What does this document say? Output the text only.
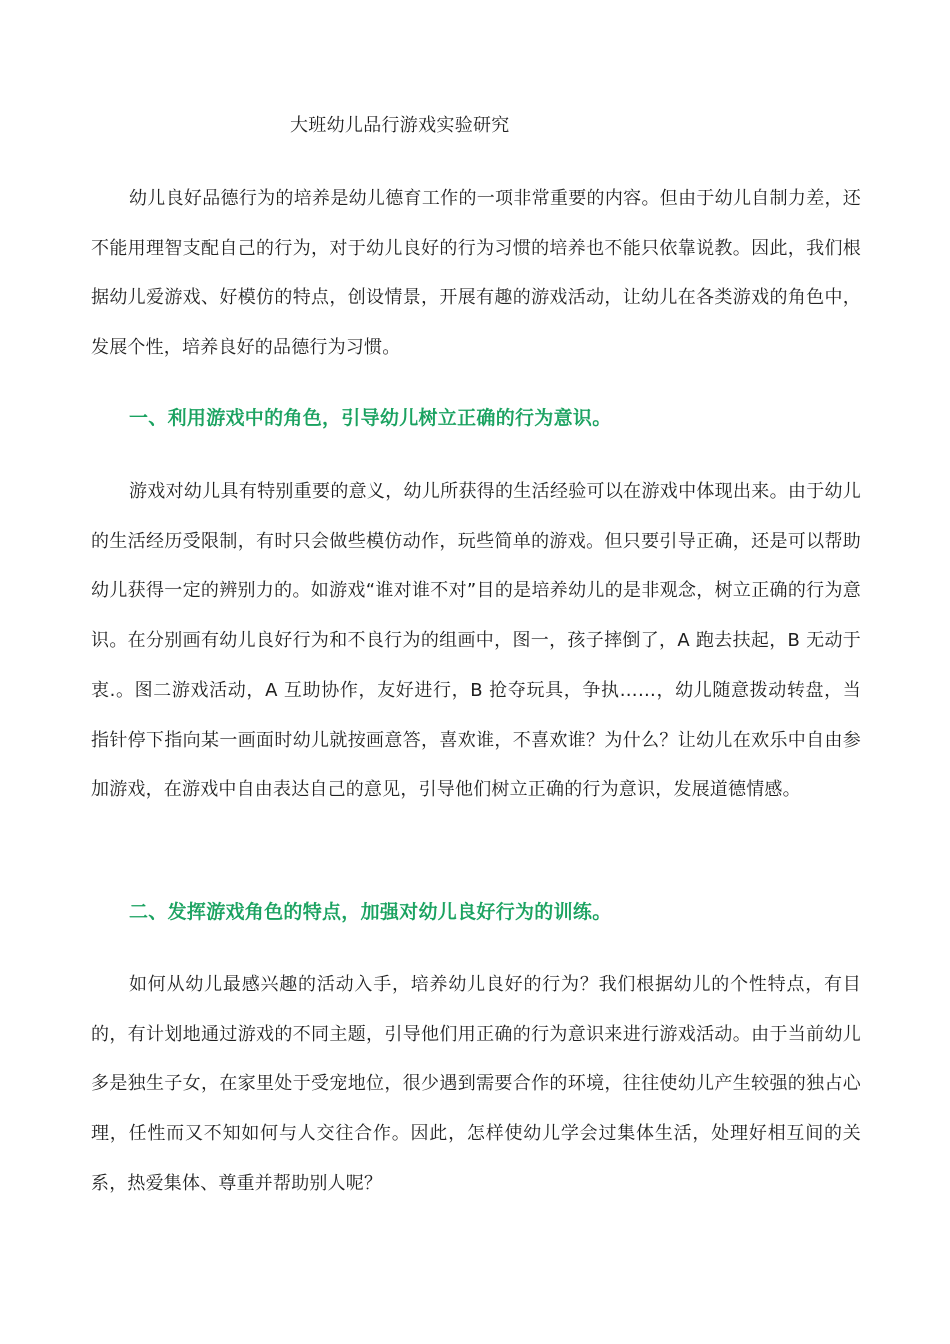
大班幼儿品行游戏实验研究

幼儿良好品德行为的培养是幼儿德育工作的一项非常重要的内容。但由于幼儿自制力差，还不能用理智支配自己的行为，对于幼儿良好的行为习惯的培养也不能只依靠说教。因此，我们根据幼儿爱游戏、好模仿的特点，创设情景，开展有趣的游戏活动，让幼儿在各类游戏的角色中，发展个性，培养良好的品德行为习惯。

一、利用游戏中的角色，引导幼儿树立正确的行为意识。

游戏对幼儿具有特别重要的意义，幼儿所获得的生活经验可以在游戏中体现出来。由于幼儿的生活经历受限制，有时只会做些模仿动作，玩些简单的游戏。但只要引导正确，还是可以帮助幼儿获得一定的辨别力的。如游戏“谁对谁不对”目的是培养幼儿的是非观念，树立正确的行为意识。在分别画有幼儿良好行为和不良行为的组画中，图一，孩子摔倒了，A 跑去扶起，B 无动于衷.。图二游戏活动，A 互助协作，友好进行，B 抢夺玩具，争执……，幼儿随意拨动转盘，当指针停下指向某一画面时幼儿就按画意答，喜欢谁，不喜欢谁？为什么？让幼儿在欢乐中自由参加游戏，在游戏中自由表达自己的意见，引导他们树立正确的行为意识，发展道德情感。

二、发挥游戏角色的特点，加强对幼儿良好行为的训练。

如何从幼儿最感兴趣的活动入手，培养幼儿良好的行为？我们根据幼儿的个性特点，有目的，有计划地通过游戏的不同主题，引导他们用正确的行为意识来进行游戏活动。由于当前幼儿多是独生子女，在家里处于受宠地位，很少遇到需要合作的环境，往往使幼儿产生较强的独占心理，任性而又不知如何与人交往合作。因此，怎样使幼儿学会过集体生活，处理好相互间的关系，热爱集体、尊重并帮助别人呢？
